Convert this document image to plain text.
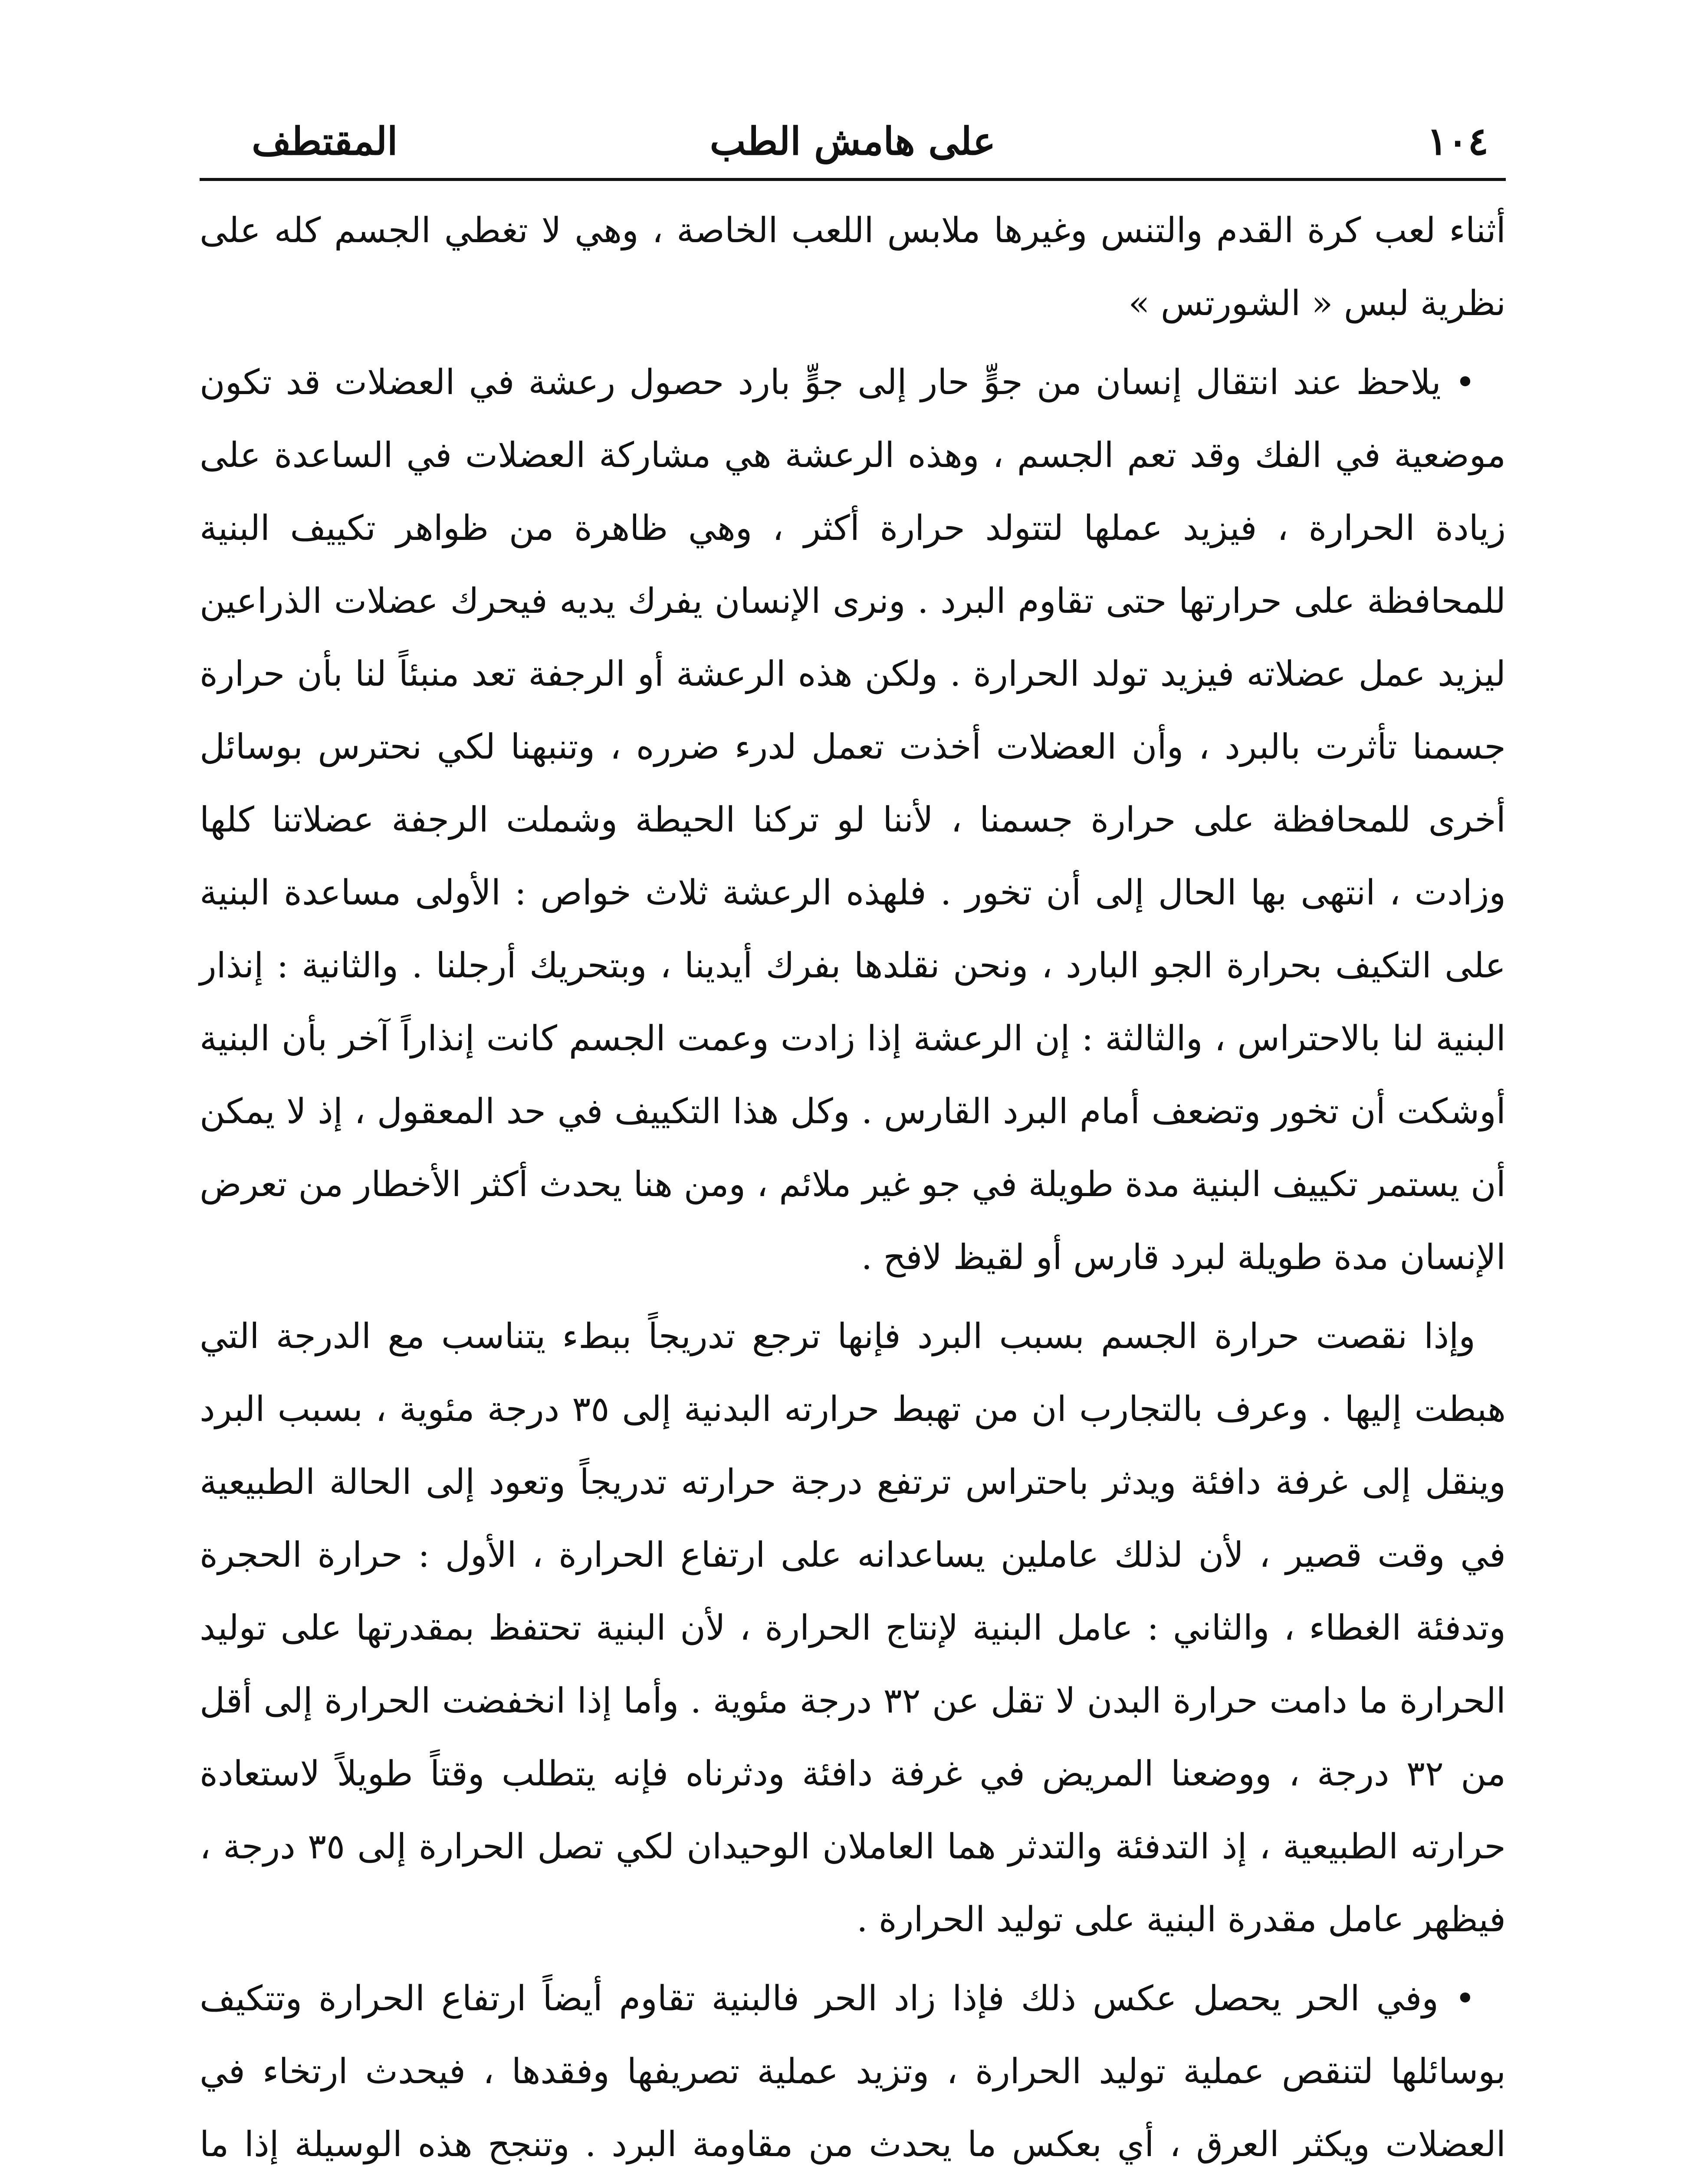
١٠٤
على هامش الطب
المقتطف

أثناء لعب كرة القدم والتنس وغيرها ملابس اللعب الخاصة ، وهي لا تغطي الجسم كله على نظرية لبس « الشورتس »

• يلاحظ عند انتقال إنسان من جوٍّ حار إلى جوٍّ بارد حصول رعشة في العضلات قد تكون موضعية في الفك وقد تعم الجسم ، وهذه الرعشة هي مشاركة العضلات في الساعدة على زيادة الحرارة ، فيزيد عملها لتتولد حرارة أكثر ، وهي ظاهرة من ظواهر تكييف البنية للمحافظة على حرارتها حتى تقاوم البرد . ونرى الإنسان يفرك يديه فيحرك عضلات الذراعين ليزيد عمل عضلاته فيزيد تولد الحرارة . ولكن هذه الرعشة أو الرجفة تعد منبئاً لنا بأن حرارة جسمنا تأثرت بالبرد ، وأن العضلات أخذت تعمل لدرء ضرره ، وتنبهنا لكي نحترس بوسائل أخرى للمحافظة على حرارة جسمنا ، لأننا لو تركنا الحيطة وشملت الرجفة عضلاتنا كلها وزادت ، انتهى بها الحال إلى أن تخور . فلهذه الرعشة ثلاث خواص : الأولى مساعدة البنية على التكيف بحرارة الجو البارد ، ونحن نقلدها بفرك أيدينا ، وبتحريك أرجلنا . والثانية : إنذار البنية لنا بالاحتراس ، والثالثة : إن الرعشة إذا زادت وعمت الجسم كانت إنذاراً آخر بأن البنية أوشكت أن تخور وتضعف أمام البرد القارس . وكل هذا التكييف في حد المعقول ، إذ لا يمكن أن يستمر تكييف البنية مدة طويلة في جو غير ملائم ، ومن هنا يحدث أكثر الأخطار من تعرض الإنسان مدة طويلة لبرد قارس أو لقيظ لافح .

وإذا نقصت حرارة الجسم بسبب البرد فإنها ترجع تدريجاً ببطء يتناسب مع الدرجة التي هبطت إليها . وعرف بالتجارب ان من تهبط حرارته البدنية إلى ٣٥ درجة مئوية ، بسبب البرد وينقل إلى غرفة دافئة ويدثر باحتراس ترتفع درجة حرارته تدريجاً وتعود إلى الحالة الطبيعية في وقت قصير ، لأن لذلك عاملين يساعدانه على ارتفاع الحرارة ، الأول : حرارة الحجرة وتدفئة الغطاء ، والثاني : عامل البنية لإنتاج الحرارة ، لأن البنية تحتفظ بمقدرتها على توليد الحرارة ما دامت حرارة البدن لا تقل عن ٣٢ درجة مئوية . وأما إذا انخفضت الحرارة إلى أقل من ٣٢ درجة ، ووضعنا المريض في غرفة دافئة ودثرناه فإنه يتطلب وقتاً طويلاً لاستعادة حرارته الطبيعية ، إذ التدفئة والتدثر هما العاملان الوحيدان لكي تصل الحرارة إلى ٣٥ درجة ، فيظهر عامل مقدرة البنية على توليد الحرارة .

• وفي الحر يحصل عكس ذلك فإذا زاد الحر فالبنية تقاوم أيضاً ارتفاع الحرارة وتتكيف بوسائلها لتنقص عملية توليد الحرارة ، وتزيد عملية تصريفها وفقدها ، فيحدث ارتخاء في العضلات ويكثر العرق ، أي بعكس ما يحدث من مقاومة البرد . وتنجح هذه الوسيلة إذا ما
